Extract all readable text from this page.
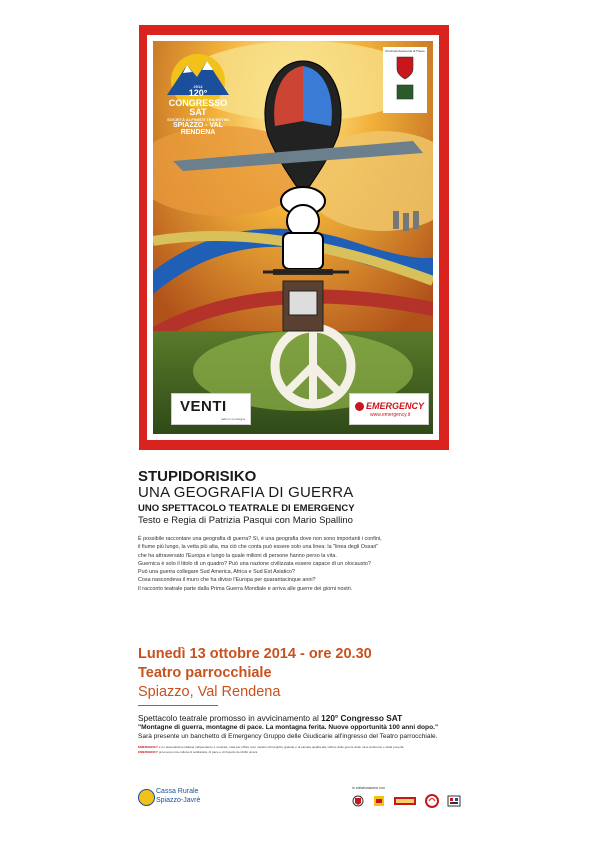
2014
120° CONGRESSO SAT
SOCIETÀ ALPINISTI TRIDENTINI
SPIAZZO - VAL RENDENA
Provincia Autonoma di Trento
VENTI
radio in montagna
EMERGENCY
www.emergency.it
STUPIDORISIKO
UNA GEOGRAFIA DI GUERRA
UNO SPETTACOLO TEATRALE DI EMERGENCY
Testo e Regia di Patrizia Pasqui con Mario Spallino
È possibile raccontare una geografia di guerra? Sì, è una geografia dove non sono importanti i confini,
il fiume più lungo, la vetta più alta, ma ciò che conta può essere solo una linea: la "linea degli Ossari"
che ha attraversato l'Europa e lungo la quale milioni di persone hanno perso la vita.
Guernica è solo il titolo di un quadro? Può una nazione civilizzata essere capace di un olocausto?
Può una guerra collegare Sud America, Africa e Sud Est Asiatico?
Cosa nascondeva il muro che ha diviso l'Europa per quarantacinque anni?
Il racconto teatrale parte dalla Prima Guerra Mondiale e arriva alle guerre dei giorni nostri.
Lunedì 13 ottobre 2014 - ore 20.30
Teatro parrocchiale
Spiazzo, Val Rendena
Spettacolo teatrale promosso in avvicinamento al 120° Congresso SAT
"Montagne di guerra, montagne di pace. La montagna ferita. Nuove opportunità 100 anni dopo."
Sarà presente un banchetto di Emergency Gruppo delle Giudicarie all'ingresso del Teatro parrocchiale.
EMERGENCY è un associazione italiana indipendente e neutrale, nata per offrire cure medico-chirurgiche gratuite e di elevata qualità alle vittime delle guerre delle mine antiuomo e della povertà.
EMERGENCY promuove una cultura di solidarietà, di pace e di rispetto dei diritti umani.
Cassa Rurale
Spiazzo-Javrè
in collaborazione con
